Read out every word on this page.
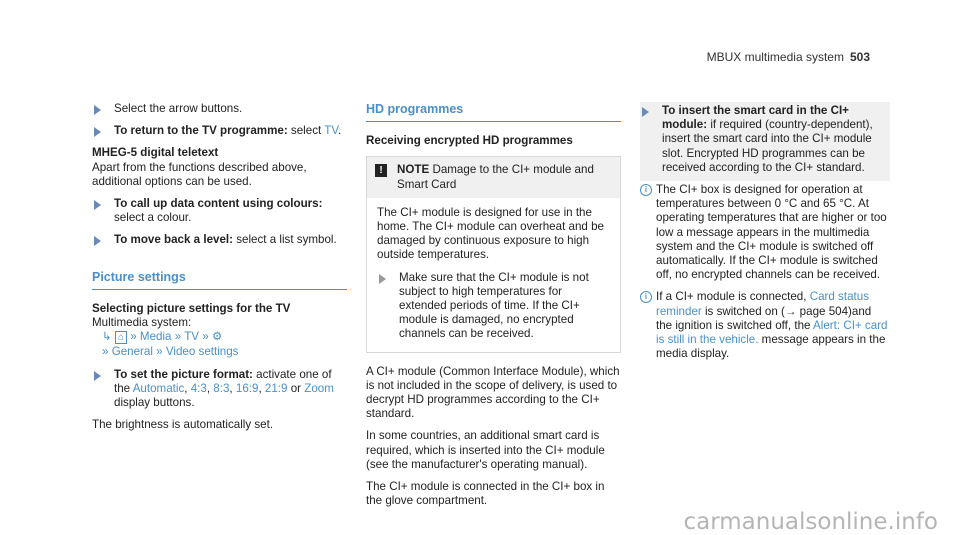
MBUX multimedia system 503
Select the arrow buttons.
To return to the TV programme: select TV.
MHEG-5 digital teletext
Apart from the functions described above, additional options can be used.
To call up data content using colours:
select a colour.
To move back a level: select a list symbol.
Picture settings
Selecting picture settings for the TV
Multimedia system:
↳ ⌂ » Media » TV » ⚙
» General » Video settings
To set the picture format: activate one of the Automatic, 4:3, 8:3, 16:9, 21:9 or Zoom display buttons.
The brightness is automatically set.
HD programmes
Receiving encrypted HD programmes
!	NOTE Damage to the CI+ module and Smart Card
The CI+ module is designed for use in the home. The CI+ module can overheat and be damaged by continuous exposure to high outside temperatures.
Make sure that the CI+ module is not subject to high temperatures for extended periods of time. If the CI+ module is damaged, no encrypted channels can be received.
A CI+ module (Common Interface Module), which is not included in the scope of delivery, is used to decrypt HD programmes according to the CI+ standard.
In some countries, an additional smart card is required, which is inserted into the CI+ module (see the manufacturer's operating manual).
The CI+ module is connected in the CI+ box in the glove compartment.
To insert the smart card in the CI+ module: if required (country-dependent), insert the smart card into the CI+ module slot. Encrypted HD programmes can be received according to the CI+ standard.
i The CI+ box is designed for operation at temperatures between 0 °C and 65 °C. At operating temperatures that are higher or too low a message appears in the multimedia system and the CI+ module is switched off automatically. If the CI+ module is switched off, no encrypted channels can be received.
i If a CI+ module is connected, Card status reminder is switched on (→ page 504)and the ignition is switched off, the Alert: CI+ card is still in the vehicle. message appears in the media display.
carmanualsonline.info
